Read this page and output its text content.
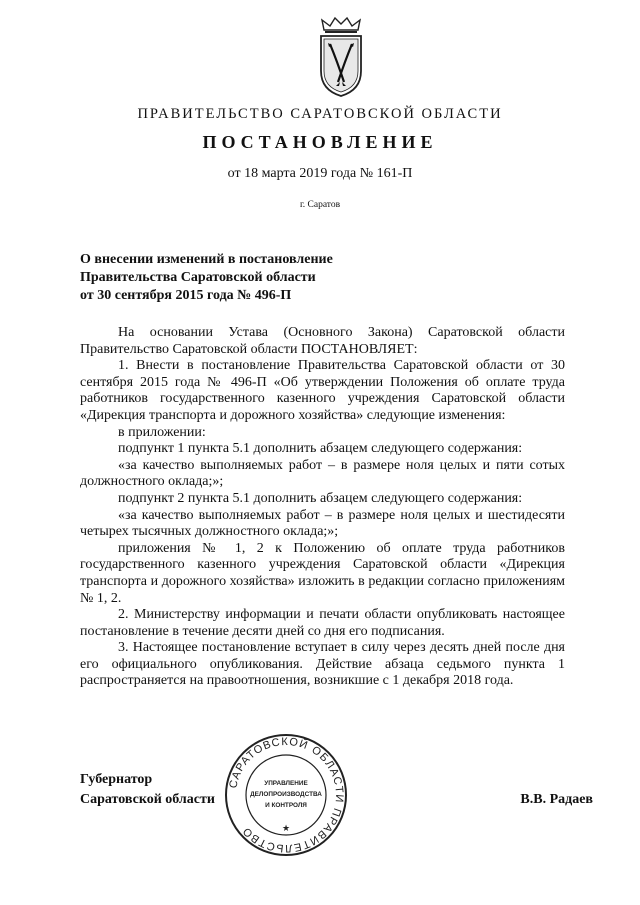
ПРАВИТЕЛЬСТВО САРАТОВСКОЙ ОБЛАСТИ
ПОСТАНОВЛЕНИЕ
от 18 марта 2019 года № 161-П
г. Саратов
О внесении изменений в постановление
Правительства Саратовской области
от 30 сентября 2015 года № 496-П

На основании Устава (Основного Закона) Саратовской области Правительство Саратовской области ПОСТАНОВЛЯЕТ:

1. Внести в постановление Правительства Саратовской области от 30 сентября 2015 года № 496-П «Об утверждении Положения об оплате труда работников государственного казенного учреждения Саратовской области «Дирекция транспорта и дорожного хозяйства» следующие изменения:

в приложении:

подпункт 1 пункта 5.1 дополнить абзацем следующего содержания:

«за качество выполняемых работ – в размере ноля целых и пяти сотых должностного оклада;»;

подпункт 2 пункта 5.1 дополнить абзацем следующего содержания:

«за качество выполняемых работ – в размере ноля целых и шестидесяти четырех тысячных должностного оклада;»;

приложения № 1, 2 к Положению об оплате труда работников государственного казенного учреждения Саратовской области «Дирекция транспорта и дорожного хозяйства» изложить в редакции согласно приложениям № 1, 2.

2. Министерству информации и печати области опубликовать настоящее постановление в течение десяти дней со дня его подписания.

3. Настоящее постановление вступает в силу через десять дней после дня его официального опубликования. Действие абзаца седьмого пункта 1 распространяется на правоотношения, возникшие с 1 декабря 2018 года.

Губернатор
Саратовской области	В.В. Радаев
САРАТОВСКОЙ ОБЛАСТИ ПРАВИТЕЛЬСТВО
УПРАВЛЕНИЕ
ДЕЛОПРОИЗВОДСТВА
И КОНТРОЛЯ
★
